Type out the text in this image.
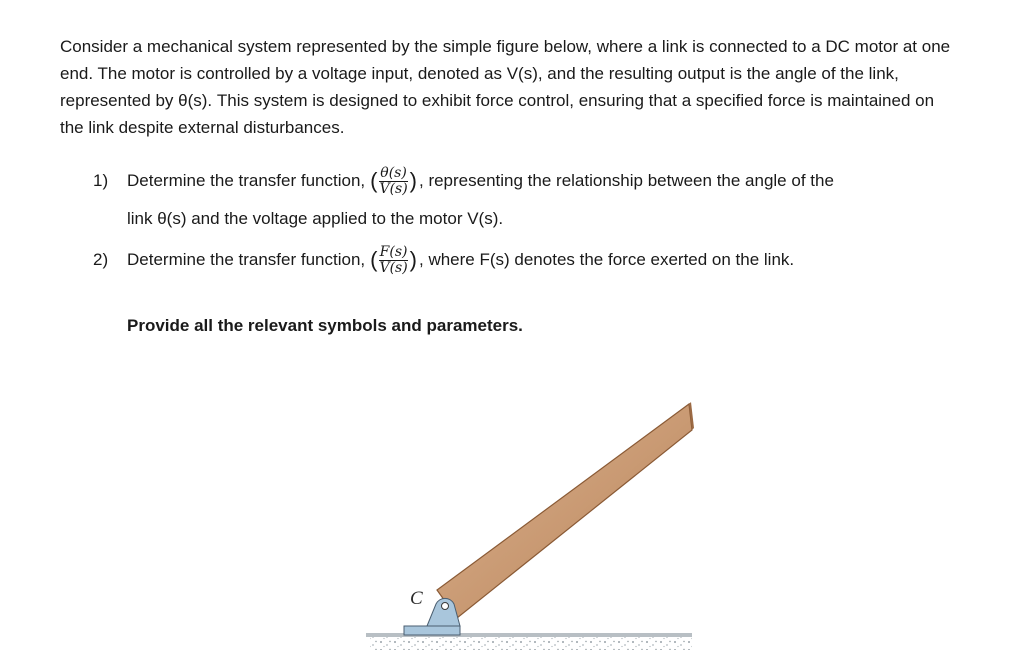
Consider a mechanical system represented by the simple figure below, where a link is connected to a DC motor at one end. The motor is controlled by a voltage input, denoted as V(s), and the resulting output is the angle of the link, represented by θ(s). This system is designed to exhibit force control, ensuring that a specified force is maintained on the link despite external disturbances.

1) Determine the transfer function, ( $\frac{\theta(s)}{V(s)}$ ) , representing the relationship between the angle of the
link θ(s) and the voltage applied to the motor V(s).
2) Determine the transfer function, ( $\frac{F(s)}{V(s)}$ ) , where F(s) denotes the force exerted on the link.
Provide all the relevant symbols and parameters.
C
